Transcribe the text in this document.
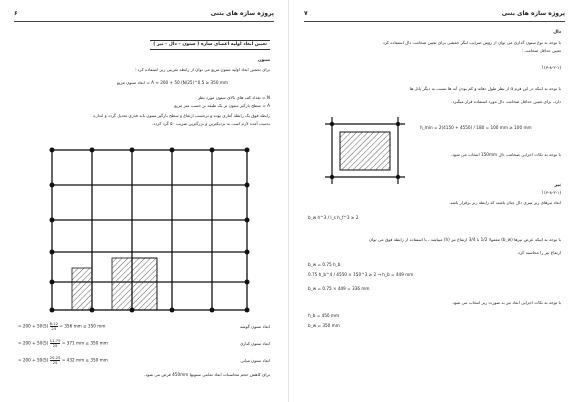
پروژه سازه های بتنی
۶
تعیین ابعاد اولیه اعضای سازه ( ستون – دال – تیر )
ستون
برای تخمین ابعاد اولیه ستون مربع می توان از رابطه تقریبی زیر استفاده کرد :
A ≈ 200 + 50 (N/25)^0.5 ≥ 350 mm = ابعاد ستون مربع
N = تعداد کف های بالای ستون مورد نظر
A = سطح بارگیر ستون بر یک طبقه بر حسب متر مربع
رابطه فوق یک رابطه آماری بوده و برحسب ارتفاع و سطح بارگیر ستون باید قدری تعدیل گردد و اندازه
بدست آمده لازم است به نزدیکترین و بزرگترین ضریب ۵۰ گرد کردد.
= $200 + 50(5) \frac{6.12}{25} = 356$ mm ≥ 350 mm	ابعاد ستون گوشه
= $200 + 50(5) \frac{11.75}{25} = 371$ mm ≥ 350 mm	ابعاد ستون کناری
= $200 + 50(5) \frac{20.25}{25} = 432$ mm ≥ 350 mm	ابعاد ستون میانی
برای کاهش حجم محاسبات ابعاد تمامی ستونها 450mm فرض می شود.
پروژه سازه های بتنی
۷
دال
با توجه به نوع ستون گذاری می توان از روش ضرایب لنگر خمشی برای تعیین ضخامت دال استفاده کرد
تعیین حداقل ضخامت :
(۳-۸-۲-۱) آ
با توجه به اینکه در این فرم α از نظر طول دهانه و کم بودن آنه ها نسبت به دیگر پانل ها
دارد، برای تعیین حداقل ضخامت دال مورد استفاده قرار میگیرد.
h_min = 2(4150 + 4550) / 180 = 100 mm ≥ 100 mm
با توجه به نکات اجرایی ضخامت دال 150mm انتخاب می شود.
تیر
(۳-۸-۲-۱) آ
ابعاد تیرهای زیر سری دال چنان باشند که رابطه زیر برقرار باشد.
b_w h^3 / l_s h_f^3 ≥ 2
با توجه به اینکه عرض تیرها (b_w) معمولا 1/2 تا 3/4 ارتفاع تیر (h) میباشد ، با استفاده از رابطه فوق می توان
ارتفاع تیر را محاسبه کرد.
b_w = 0.75 h_b
0.75 h_b^4 / 4550 × 150^3 ≥ 2 → h_b = 449 mm
b_w = 0.75 × 449 = 336 mm
با توجه به نکات اجرایی ابعاد تیر به صورت زیر انتخاب می شود.
h_b = 450 mm
b_w = 350 mm
